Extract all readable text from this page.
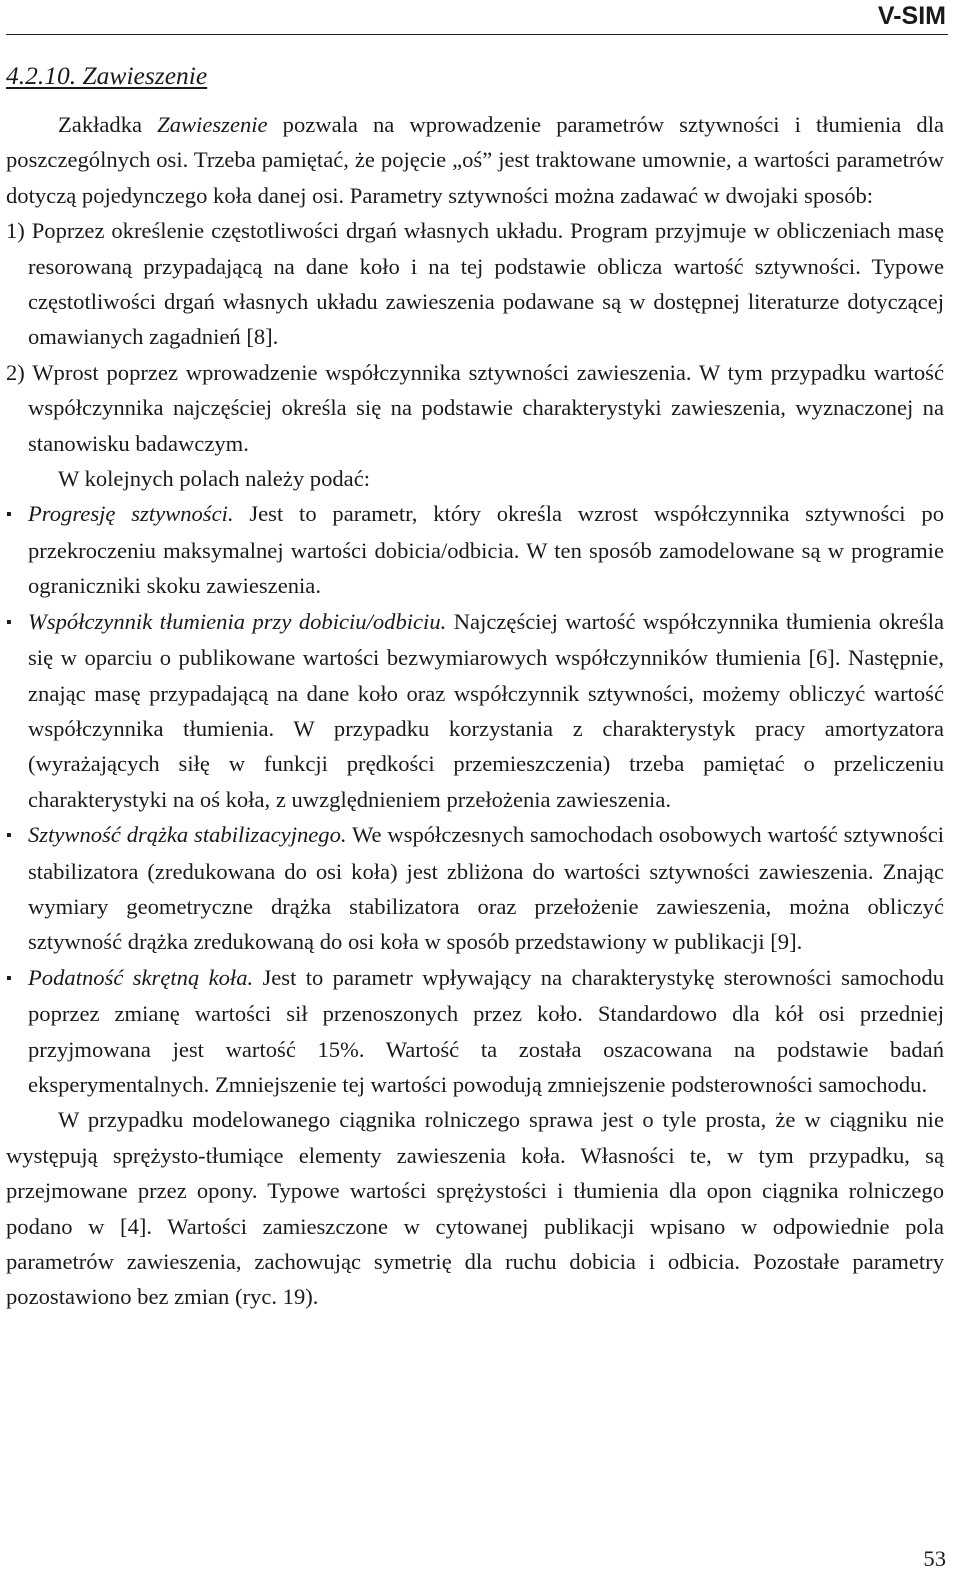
V-SIM
4.2.10. Zawieszenie

Zakładka Zawieszenie pozwala na wprowadzenie parametrów sztywności i tłumienia dla poszczególnych osi. Trzeba pamiętać, że pojęcie „oś” jest traktowane umownie, a wartości parametrów dotyczą pojedynczego koła danej osi. Parametry sztywności można zadawać w dwojaki sposób:

1) Poprzez określenie częstotliwości drgań własnych układu. Program przyjmuje w obliczeniach masę resorowaną przypadającą na dane koło i na tej podstawie oblicza wartość sztywności. Typowe częstotliwości drgań własnych układu zawieszenia podawane są w dostępnej literaturze dotyczącej omawianych zagadnień [8].

2) Wprost poprzez wprowadzenie współczynnika sztywności zawieszenia. W tym przypadku wartość współczynnika najczęściej określa się na podstawie charakterystyki zawieszenia, wyznaczonej na stanowisku badawczym.

W kolejnych polach należy podać:

▪ Progresję sztywności. Jest to parametr, który określa wzrost współczynnika sztywności po przekroczeniu maksymalnej wartości dobicia/odbicia. W ten sposób zamodelowane są w programie ograniczniki skoku zawieszenia.

▪ Współczynnik tłumienia przy dobiciu/odbiciu. Najczęściej wartość współczynnika tłumienia określa się w oparciu o publikowane wartości bezwymiarowych współczynników tłumienia [6]. Następnie, znając masę przypadającą na dane koło oraz współczynnik sztywności, możemy obliczyć wartość współczynnika tłumienia. W przypadku korzystania z charakterystyk pracy amortyzatora (wyrażających siłę w funkcji prędkości przemieszczenia) trzeba pamiętać o przeliczeniu charakterystyki na oś koła, z uwzględnieniem przełożenia zawieszenia.

▪ Sztywność drążka stabilizacyjnego. We współczesnych samochodach osobowych wartość sztywności stabilizatora (zredukowana do osi koła) jest zbliżona do wartości sztywności zawieszenia. Znając wymiary geometryczne drążka stabilizatora oraz przełożenie zawieszenia, można obliczyć sztywność drążka zredukowaną do osi koła w sposób przedstawiony w publikacji [9].

▪ Podatność skrętną koła. Jest to parametr wpływający na charakterystykę sterowności samochodu poprzez zmianę wartości sił przenoszonych przez koło. Standardowo dla kół osi przedniej przyjmowana jest wartość 15%. Wartość ta została oszacowana na podstawie badań eksperymentalnych. Zmniejszenie tej wartości powodują zmniejszenie podsterowności samochodu.

W przypadku modelowanego ciągnika rolniczego sprawa jest o tyle prosta, że w ciągniku nie występują sprężysto-tłumiące elementy zawieszenia koła. Własności te, w tym przypadku, są przejmowane przez opony. Typowe wartości sprężystości i tłumienia dla opon ciągnika rolniczego podano w [4]. Wartości zamieszczone w cytowanej publikacji wpisano w odpowiednie pola parametrów zawieszenia, zachowując symetrię dla ruchu dobicia i odbicia. Pozostałe parametry pozostawiono bez zmian (ryc. 19).

53
